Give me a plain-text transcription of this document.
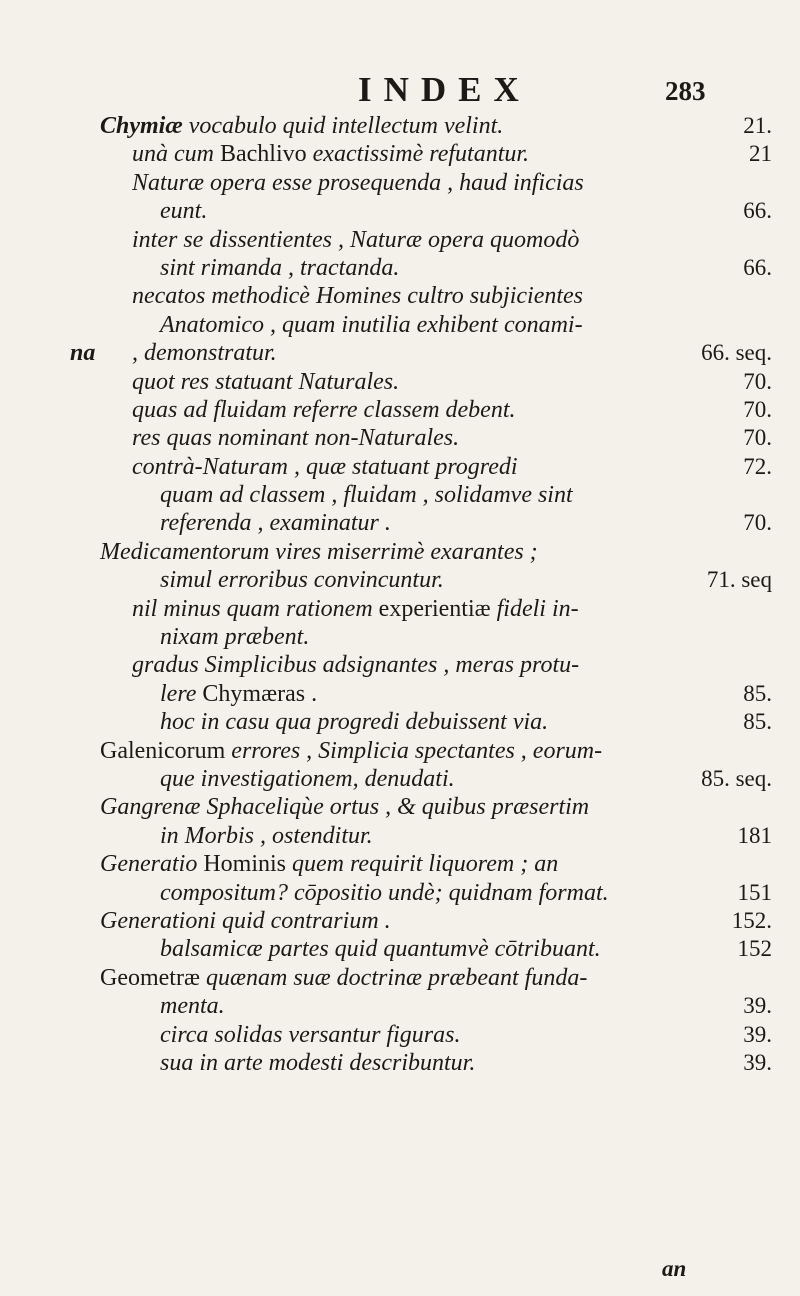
INDEX	283
Chymiæ vocabulo quid intellectum velint.	21.
unà cum Bachlivo exactissimè refutantur.	21
Naturæ opera esse prosequenda , haud inficias
eunt.	66.
inter se dissentientes , Naturæ opera quomodò
sint rimanda , tractanda.	66.
necatos methodicè Homines cultro subjicientes
Anatomico , quam inutilia exhibent conami-
na , demonstratur.	66. seq.
quot res statuant Naturales.	70.
quas ad fluidam referre classem debent.	70.
res quas nominant non-Naturales.	70.
contrà-Naturam , quæ statuant progredi	72.
quam ad classem , fluidam , solidamve sint
referenda , examinatur .	70.
Medicamentorum vires miserrimè exarantes ;
simul erroribus convincuntur.	71. seq
nil minus quam rationem experientiæ fideli in-
nixam præbent.
gradus Simplicibus adsignantes , meras protu-
lere Chymæras .	85.
hoc in casu qua progredi debuissent via.	85.
Galenicorum errores , Simplicia spectantes , eorum-
que investigationem, denudati.	85. seq.
Gangrenæ Sphaceliqùe ortus , & quibus præsertim
in Morbis , ostenditur.	181
Generatio Hominis quem requirit liquorem ; an
compositum? cōpositio undè; quidnam format.	151
Generationi quid contrarium .	152.
balsamicæ partes quid quantumvè cōtribuant.	152
Geometræ quænam suæ doctrinæ præbeant funda-
menta.	39.
circa solidas versantur figuras.	39.
sua in arte modesti describuntur.	39.
an
